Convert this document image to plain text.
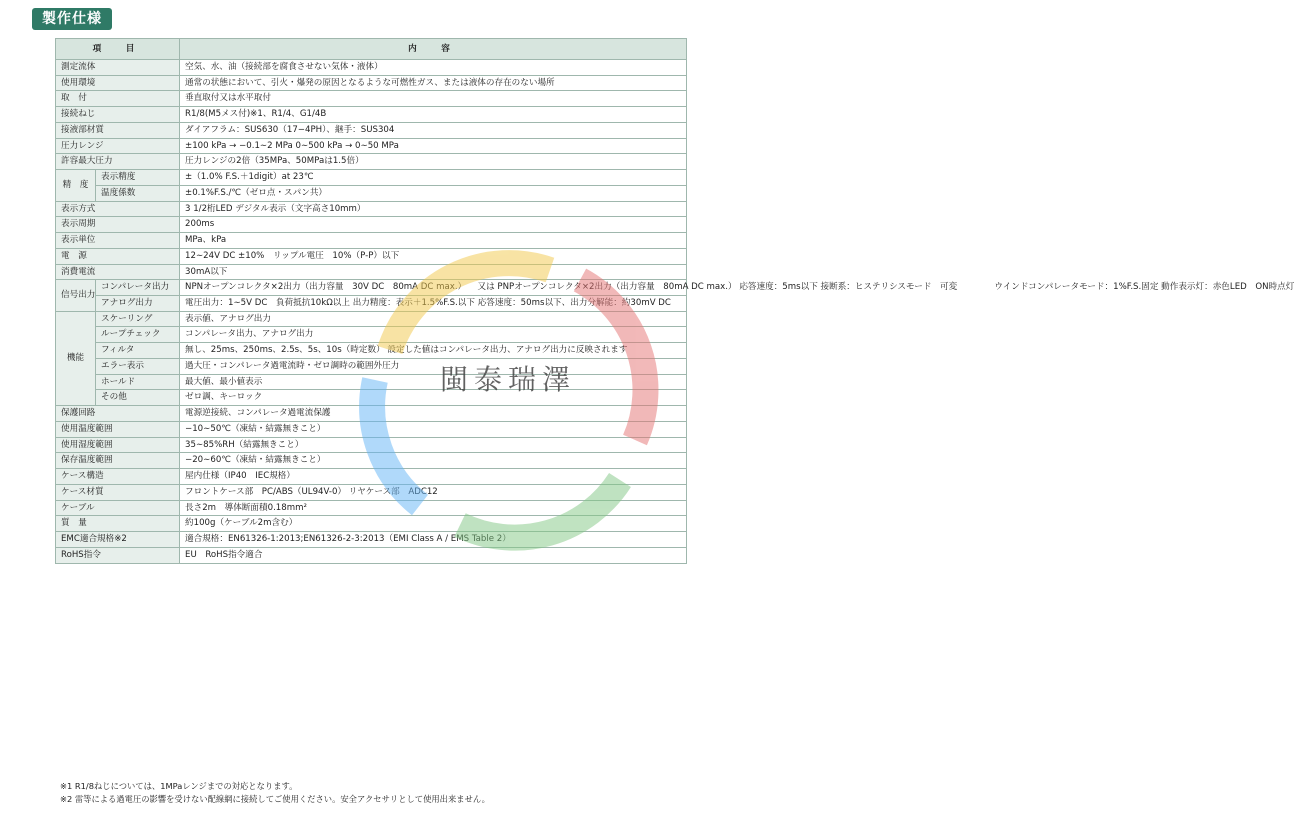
製作仕様
項　目		内　容
測定流体		空気、水、油（接続部を腐食させない気体・液体）
使用環境		通常の状態において、引火・爆発の原因となるような可燃性ガス、または液体の存在のない場所
取　付		垂直取付又は水平取付
接続ねじ		R1/8(M5メス付)※1、R1/4、G1/4B
接液部材質		ダイアフラム：SUS630（17−4PH）、継手：SUS304
圧力レンジ		±100 kPa → −0.1∼2 MPa 0∼500 kPa → 0∼50 MPa
許容最大圧力		圧力レンジの2倍（35MPa、50MPaは1.5倍）
精　度	表示精度	±（1.0% F.S.＋1digit）at 23℃
	温度係数	±0.1%F.S./℃（ゼロ点・スパン共）
表示方式		3 1/2桁LED デジタル表示（文字高さ10mm）
表示周期		200ms
表示単位		MPa、kPa
電　源		12∼24V DC ±10%　リップル電圧　10%（P-P）以下
消費電流		30mA以下
信号出力	コンパレータ出力	NPNオープンコレクタ×2出力（出力容量　30V DC　80mA DC max.） 　又は PNPオープンコレクタ×2出力（出力容量　80mA DC max.） 応答速度：5ms以下 接断系：ヒステリシスモード　可変 　　　　ウインドコンパレータモード：1%F.S.固定 動作表示灯：赤色LED　ON時点灯
	アナログ出力	電圧出力：1∼5V DC　負荷抵抗10kΩ以上 出力精度：表示＋1.5%F.S.以下 応答速度：50ms以下、出力分解能：約30mV DC
機能	スケーリング	表示値、アナログ出力
	ループチェック	コンパレータ出力、アナログ出力
	フィルタ	無し、25ms、250ms、2.5s、5s、10s（時定数） 設定した値はコンパレータ出力、アナログ出力に反映されます
	エラー表示	過大圧・コンパレータ過電流時・ゼロ調時の範囲外圧力
	ホールド	最大値、最小値表示
	その他	ゼロ調、キーロック
保護回路		電源逆接続、コンパレータ過電流保護
使用温度範囲		−10∼50℃（凍結・結露無きこと）
使用湿度範囲		35∼85%RH（結露無きこと）
保存温度範囲		−20∼60℃（凍結・結露無きこと）
ケース構造		屋内仕様（IP40　IEC規格）
ケース材質		フロントケース部　PC/ABS（UL94V-0） リヤケース部　ADC12
ケーブル		長さ2m　導体断面積0.18mm²
質　量		約100g（ケーブル2m含む）
EMC適合規格※2		適合規格：EN61326-1:2013;EN61326-2-3:2013（EMI Class A / EMS Table 2）
RoHS指令		EU　RoHS指令適合
※1 R1/8ねじについては、1MPaレンジまでの対応となります。
※2 雷等による過電圧の影響を受けない配線網に接続してご使用ください。安全アクセサリとして使用出来ません。
閩泰瑞澤
